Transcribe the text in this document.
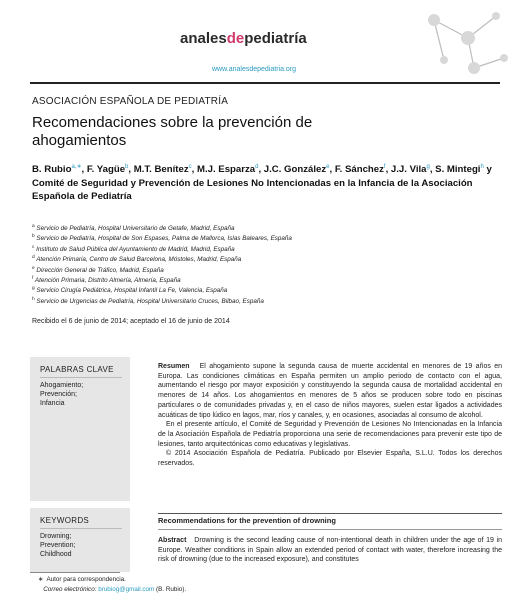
analesdepediatría
www.analesdepediatria.org
ASOCIACIÓN ESPAÑOLA DE PEDIATRÍA
Recomendaciones sobre la prevención de ahogamientos
B. Rubio$^{a,∗}$, F. Yagüe$^b$, M.T. Benítez$^c$, M.J. Esparza$^d$, J.C. González$^e$, F. Sánchez$^f$, J.J. Vila$^g$, S. Mintegi$^h$ y Comité de Seguridad y Prevención de Lesiones No Intencionadas en la Infancia de la Asociación Española de Pediatría
$^a$ Servicio de Pediatría, Hospital Universitario de Getafe, Madrid, España
$^b$ Servicio de Pediatría, Hospital de Son Espases, Palma de Mallorca, Islas Baleares, España
$^c$ Instituto de Salud Pública del Ayuntamiento de Madrid, Madrid, España
$^d$ Atención Primaria, Centro de Salud Barcelona, Móstoles, Madrid, España
$^e$ Dirección General de Tráfico, Madrid, España
$^f$ Atención Primaria, Distrito Almería, Almería, España
$^g$ Servicio Cirugía Pediátrica, Hospital Infantil La Fe, Valencia, España
$^h$ Servicio de Urgencias de Pediatría, Hospital Universitario Cruces, Bilbao, España
Recibido el 6 de junio de 2014; aceptado el 16 de junio de 2014
PALABRAS CLAVE
Ahogamiento;
Prevención;
Infancia

Resumen El ahogamiento supone la segunda causa de muerte accidental en menores de 19 años en Europa. Las condiciones climáticas en España permiten un amplio periodo de contacto con el agua, aumentando el riesgo por mayor exposición y constituyendo la segunda causa de mortalidad accidental en menores de 14 años. Los ahogamientos en menores de 5 años se producen sobre todo en piscinas particulares o de comunidades privadas y, en el caso de niños mayores, suelen estar ligados a actividades acuáticas de tipo lúdico en lagos, mar, ríos y canales, y, en ocasiones, asociadas al consumo de alcohol.

En el presente artículo, el Comité de Seguridad y Prevención de Lesiones No Intencionadas en la Infancia de la Asociación Española de Pediatría proporciona una serie de recomendaciones para prevenir este tipo de lesiones, tanto arquitectónicas como educativas y legislativas.

© 2014 Asociación Española de Pediatría. Publicado por Elsevier España, S.L.U. Todos los derechos reservados.

KEYWORDS
Drowning;
Prevention;
Childhood
Recommendations for the prevention of drowning
Abstract Drowning is the second leading cause of non-intentional death in children under the age of 19 in Europe. Weather conditions in Spain allow an extended period of contact with water, therefore increasing the risk of drowning (due to the increased exposure), and constitutes
∗ Autor para correspondencia.
Correo electrónico: brubiog@gmail.com (B. Rubio).
